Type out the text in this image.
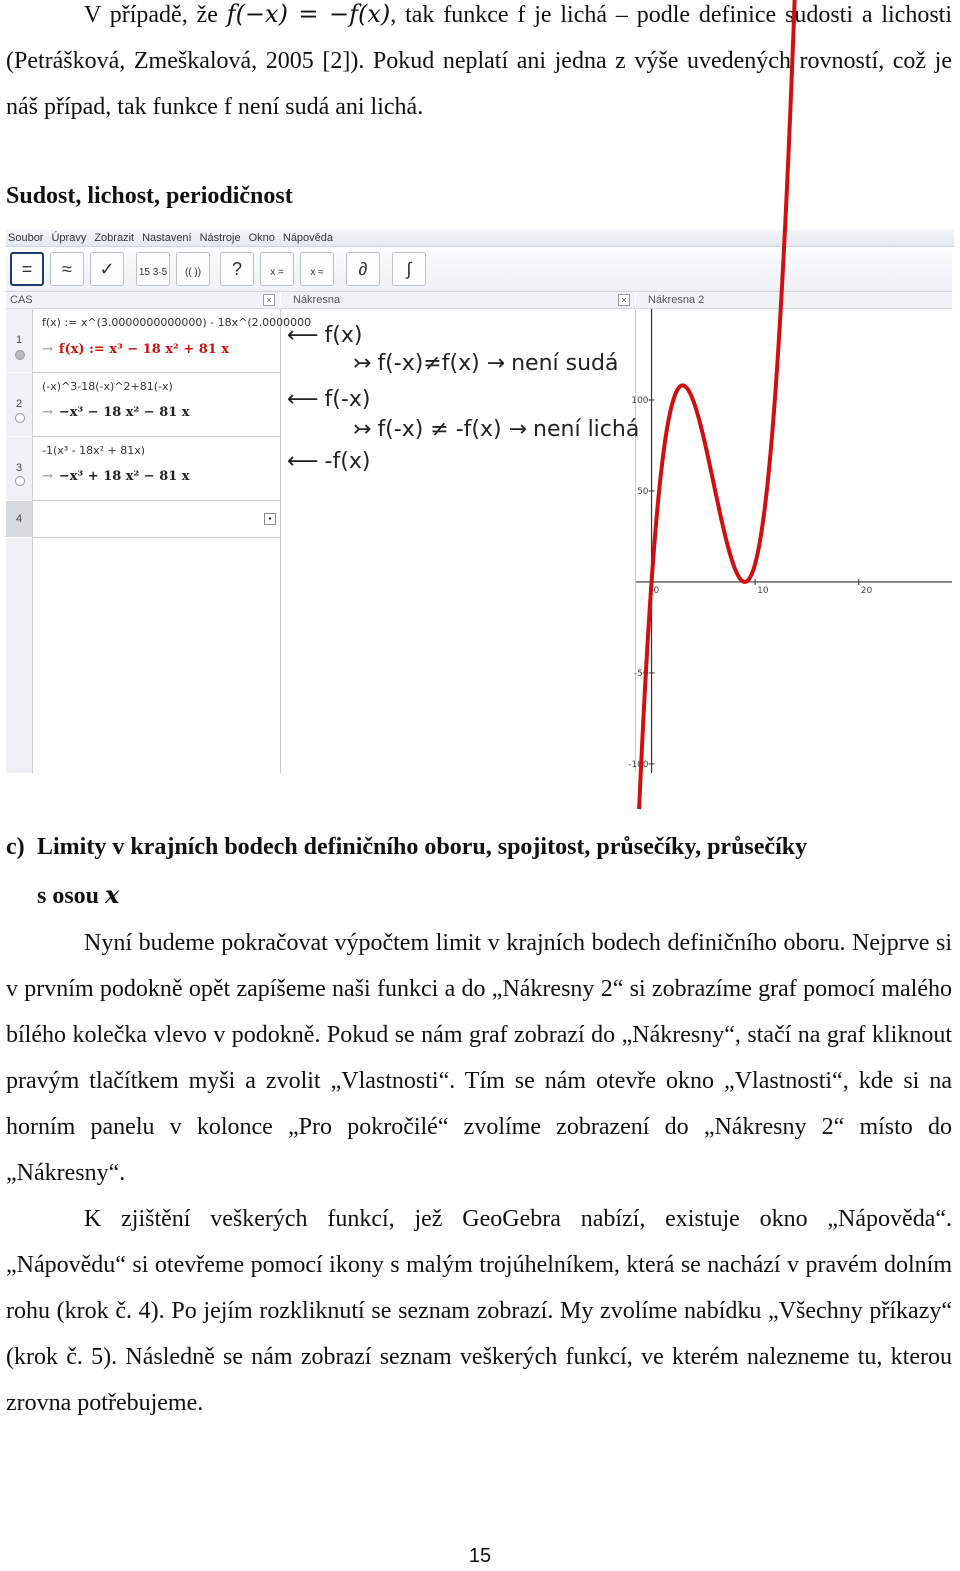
V případě, že f(−x) = −f(x), tak funkce f je lichá – podle definice sudosti a lichosti (Petrášková, Zmeškalová, 2005 [2]). Pokud neplatí ani jedna z výše uvedených rovností, což je náš případ, tak funkce f není sudá ani lichá.

Sudost, lichost, periodičnost
Soubor Úpravy Zobrazit Nastavení Nástroje Okno Nápověda
=	≈	✓	15 3·5	(( ))	?	x =	x ≈	∂	∫
CAS	×	Nákresna	×	Nákresna 2
1
f(x) := x^(3.0000000000000) - 18x^(2.0000000
→ f(x) := x³ − 18 x² + 81 x
2
(-x)^3-18(-x)^2+81(-x)
→ −x³ − 18 x² − 81 x
3
-1(x³ - 18x² + 81x)
→ −x³ + 18 x² − 81 x
4	▪
⟵ f(x)
↣ f(-x)≠f(x) → není sudá
⟵ f(-x)
↣ f(-x) ≠ -f(x) → není lichá
⟵ -f(x)
0	10	20
100
50
-50
-100
c) Limity v krajních bodech definičního oboru, spojitost, průsečíky, průsečíky
s osou x

Nyní budeme pokračovat výpočtem limit v krajních bodech definičního oboru. Nejprve si v prvním podokně opět zapíšeme naši funkci a do „Nákresny 2“ si zobrazíme graf pomocí malého bílého kolečka vlevo v podokně. Pokud se nám graf zobrazí do „Nákresny“, stačí na graf kliknout pravým tlačítkem myši a zvolit „Vlastnosti“. Tím se nám otevře okno „Vlastnosti“, kde si na horním panelu v kolonce „Pro pokročilé“ zvolíme zobrazení do „Nákresny 2“ místo do „Nákresny“.

K zjištění veškerých funkcí, jež GeoGebra nabízí, existuje okno „Nápověda“. „Nápovědu“ si otevřeme pomocí ikony s malým trojúhelníkem, která se nachází v pravém dolním rohu (krok č. 4). Po jejím rozkliknutí se seznam zobrazí. My zvolíme nabídku „Všechny příkazy“ (krok č. 5). Následně se nám zobrazí seznam veškerých funkcí, ve kterém nalezneme tu, kterou zrovna potřebujeme.

15
